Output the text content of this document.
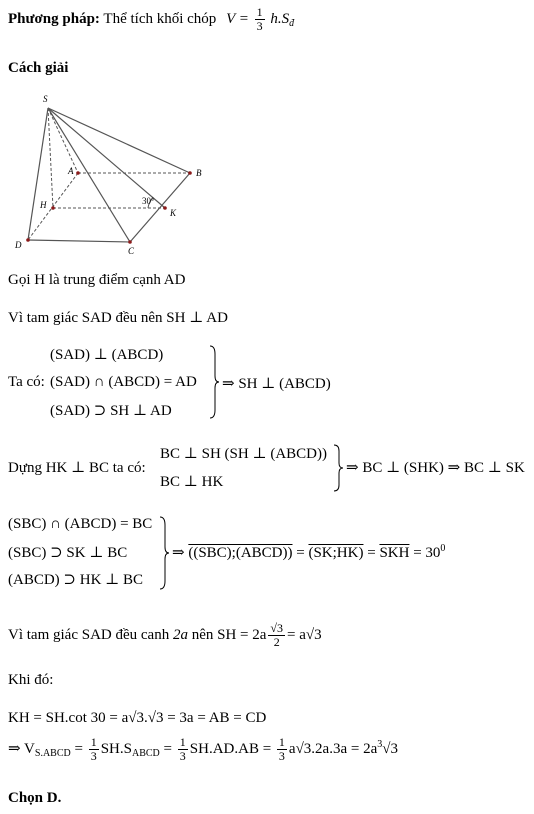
Phương pháp: Thể tích khối chóp $V = \frac{1}{3} h.S_đ$
Cách giải
S
A	B
H
K
D
C
30°
Gọi H là trung điểm cạnh AD
Vì tam giác SAD đều nên SH ⊥ AD
Ta có:
(SAD) ⊥ (ABCD)
(SAD) ∩ (ABCD) = AD
(SAD) ⊃ SH ⊥ AD
⇒ SH ⊥ (ABCD)
Dựng HK ⊥ BC ta có:
BC ⊥ SH (SH ⊥ (ABCD))
BC ⊥ HK
⇒ BC ⊥ (SHK) ⇒ BC ⊥ SK
(SBC) ∩ (ABCD) = BC
(SBC) ⊃ SK ⊥ BC
(ABCD) ⊃ HK ⊥ BC
⇒ ((SBC);(ABCD)) = (SK;HK) = $\overline{SKH} = 30^0$
Vì tam giác SAD đều canh 2a nên SH = $2a \frac{√3}{2} = a√3$
Khi đó:
KH = SH.cot 30 = a√3.√3 = 3a = AB = CD
⇒ $V_{S.ABCD} = \frac{1}{3} SH.S_{ABCD} = \frac{1}{3} SH.AD.AB = \frac{1}{3} a√3.2a.3a = 2a^3√3$
Chọn D.
